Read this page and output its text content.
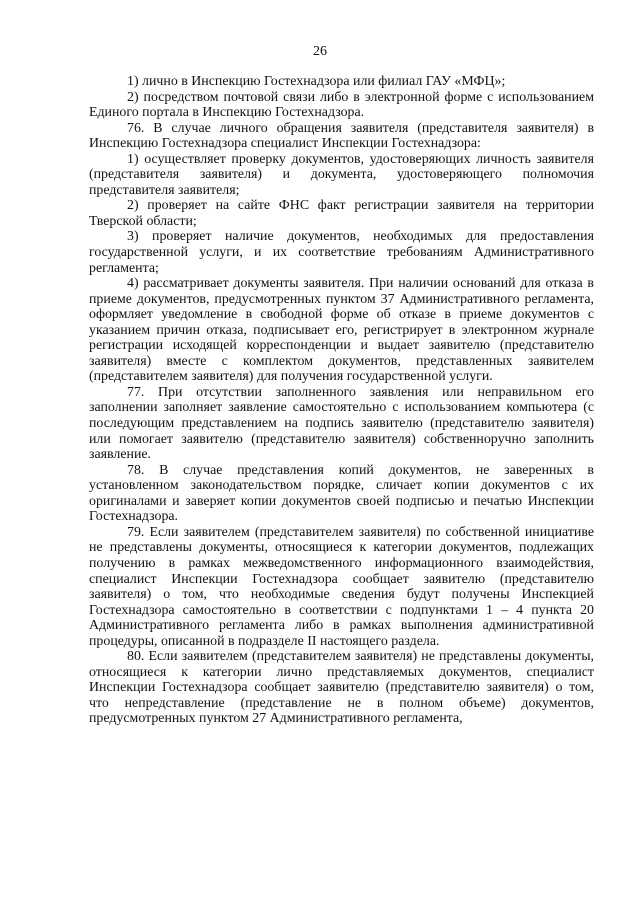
26

1) лично в Инспекцию Гостехнадзора или филиал ГАУ «МФЦ»;

2) посредством почтовой связи либо в электронной форме с использованием Единого портала в Инспекцию Гостехнадзора.

76. В случае личного обращения заявителя (представителя заявителя) в Инспекцию Гостехнадзора специалист Инспекции Гостехнадзора:

1) осуществляет проверку документов, удостоверяющих личность заявителя (представителя заявителя) и документа, удостоверяющего полномочия представителя заявителя;

2) проверяет на сайте ФНС факт регистрации заявителя на территории Тверской области;

3) проверяет наличие документов, необходимых для предоставления государственной услуги, и их соответствие требованиям Административного регламента;

4) рассматривает документы заявителя. При наличии оснований для отказа в приеме документов, предусмотренных пунктом 37 Административного регламента, оформляет уведомление в свободной форме об отказе в приеме документов с указанием причин отказа, подписывает его, регистрирует в электронном журнале регистрации исходящей корреспонденции и выдает заявителю (представителю заявителя) вместе с комплектом документов, представленных заявителем (представителем заявителя) для получения государственной услуги.

77. При отсутствии заполненного заявления или неправильном его заполнении заполняет заявление самостоятельно с использованием компьютера (с последующим представлением на подпись заявителю (представителю заявителя) или помогает заявителю (представителю заявителя) собственноручно заполнить заявление.

78. В случае представления копий документов, не заверенных в установленном законодательством порядке, сличает копии документов с их оригиналами и заверяет копии документов своей подписью и печатью Инспекции Гостехнадзора.

79. Если заявителем (представителем заявителя) по собственной инициативе не представлены документы, относящиеся к категории документов, подлежащих получению в рамках межведомственного информационного взаимодействия, специалист Инспекции Гостехнадзора сообщает заявителю (представителю заявителя) о том, что необходимые сведения будут получены Инспекцией Гостехнадзора самостоятельно в соответствии с подпунктами 1 – 4 пункта 20 Административного регламента либо в рамках выполнения административной процедуры, описанной в подразделе II настоящего раздела.

80. Если заявителем (представителем заявителя) не представлены документы, относящиеся к категории лично представляемых документов, специалист Инспекции Гостехнадзора сообщает заявителю (представителю заявителя) о том, что непредставление (представление не в полном объеме) документов, предусмотренных пунктом 27 Административного регламента,
